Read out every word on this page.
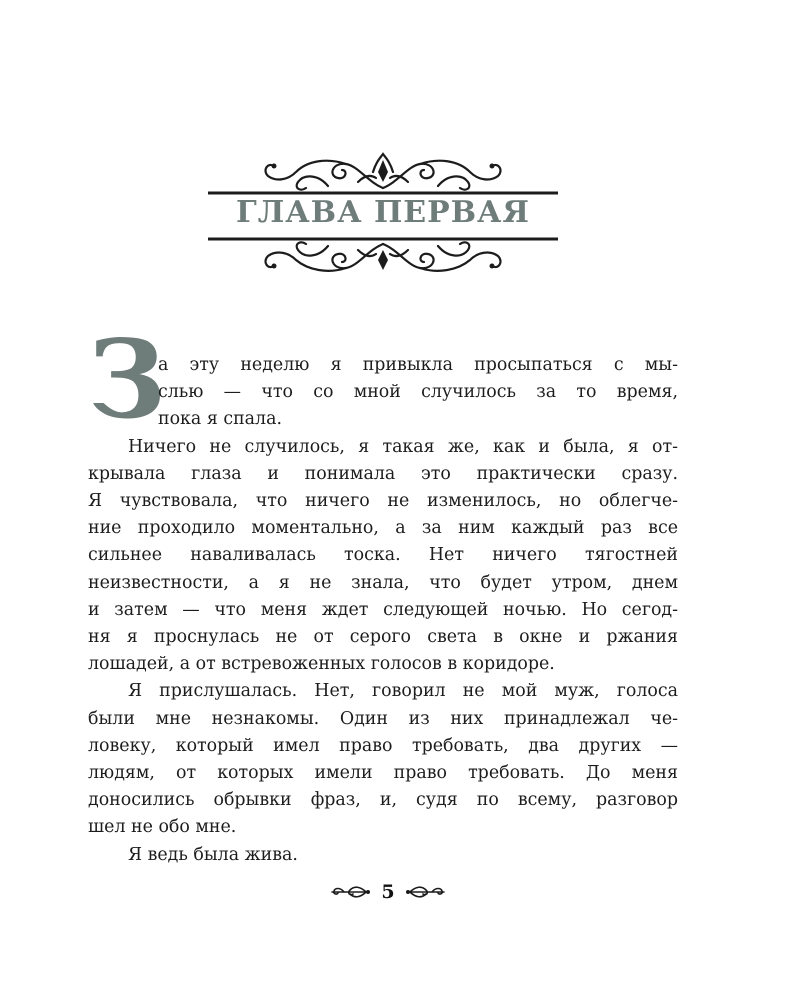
ГЛАВА ПЕРВАЯ
З
а эту неделю я привыкла просыпаться с мы-
слью — что со мной случилось за то время,
пока я спала.
Ничего не случилось, я такая же, как и была, я от-
крывала глаза и понимала это практически сразу.
Я чувствовала, что ничего не изменилось, но облегче-
ние проходило моментально, а за ним каждый раз все
сильнее наваливалась тоска. Нет ничего тягостней
неизвестности, а я не знала, что будет утром, днем
и затем — что меня ждет следующей ночью. Но сегод-
ня я проснулась не от серого света в окне и ржания
лошадей, а от встревоженных голосов в коридоре.
Я прислушалась. Нет, говорил не мой муж, голоса
были мне незнакомы. Один из них принадлежал че-
ловеку, который имел право требовать, два других —
людям, от которых имели право требовать. До меня
доносились обрывки фраз, и, судя по всему, разговор
шел не обо мне.
Я ведь была жива.
5
